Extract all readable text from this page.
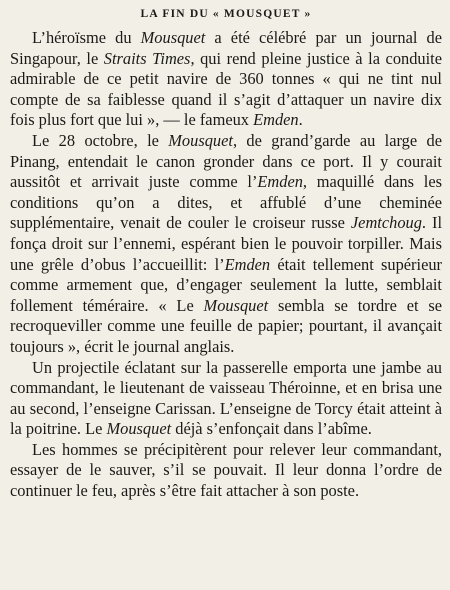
LA FIN DU « MOUSQUET »

L’héroïsme du Mousquet a été célébré par un journal de Singapour, le Straits Times, qui rend pleine justice à la conduite admirable de ce petit navire de 360 tonnes « qui ne tint nul compte de sa faiblesse quand il s’agit d’attaquer un navire dix fois plus fort que lui », — le fameux Emden.

Le 28 octobre, le Mousquet, de grand’garde au large de Pinang, entendait le canon gronder dans ce port. Il y courait aussitôt et arrivait juste comme l’Emden, maquillé dans les conditions qu’on a dites, et affublé d’une cheminée supplémentaire, venait de couler le croiseur russe Jemtchoug. Il fonça droit sur l’ennemi, espérant bien le pouvoir torpiller. Mais une grêle d’obus l’accueillit: l’Emden était tellement supérieur comme armement que, d’engager seulement la lutte, semblait follement téméraire. « Le Mousquet sembla se tordre et se recroqueviller comme une feuille de papier; pourtant, il avançait toujours », écrit le journal anglais.

Un projectile éclatant sur la passerelle emporta une jambe au commandant, le lieutenant de vaisseau Théroinne, et en brisa une au second, l’enseigne Carissan. L’enseigne de Torcy était atteint à la poitrine. Le Mousquet déjà s’enfonçait dans l’abîme.

Les hommes se précipitèrent pour relever leur commandant, essayer de le sauver, s’il se pouvait. Il leur donna l’ordre de continuer le feu, après s’être fait attacher à son poste.
